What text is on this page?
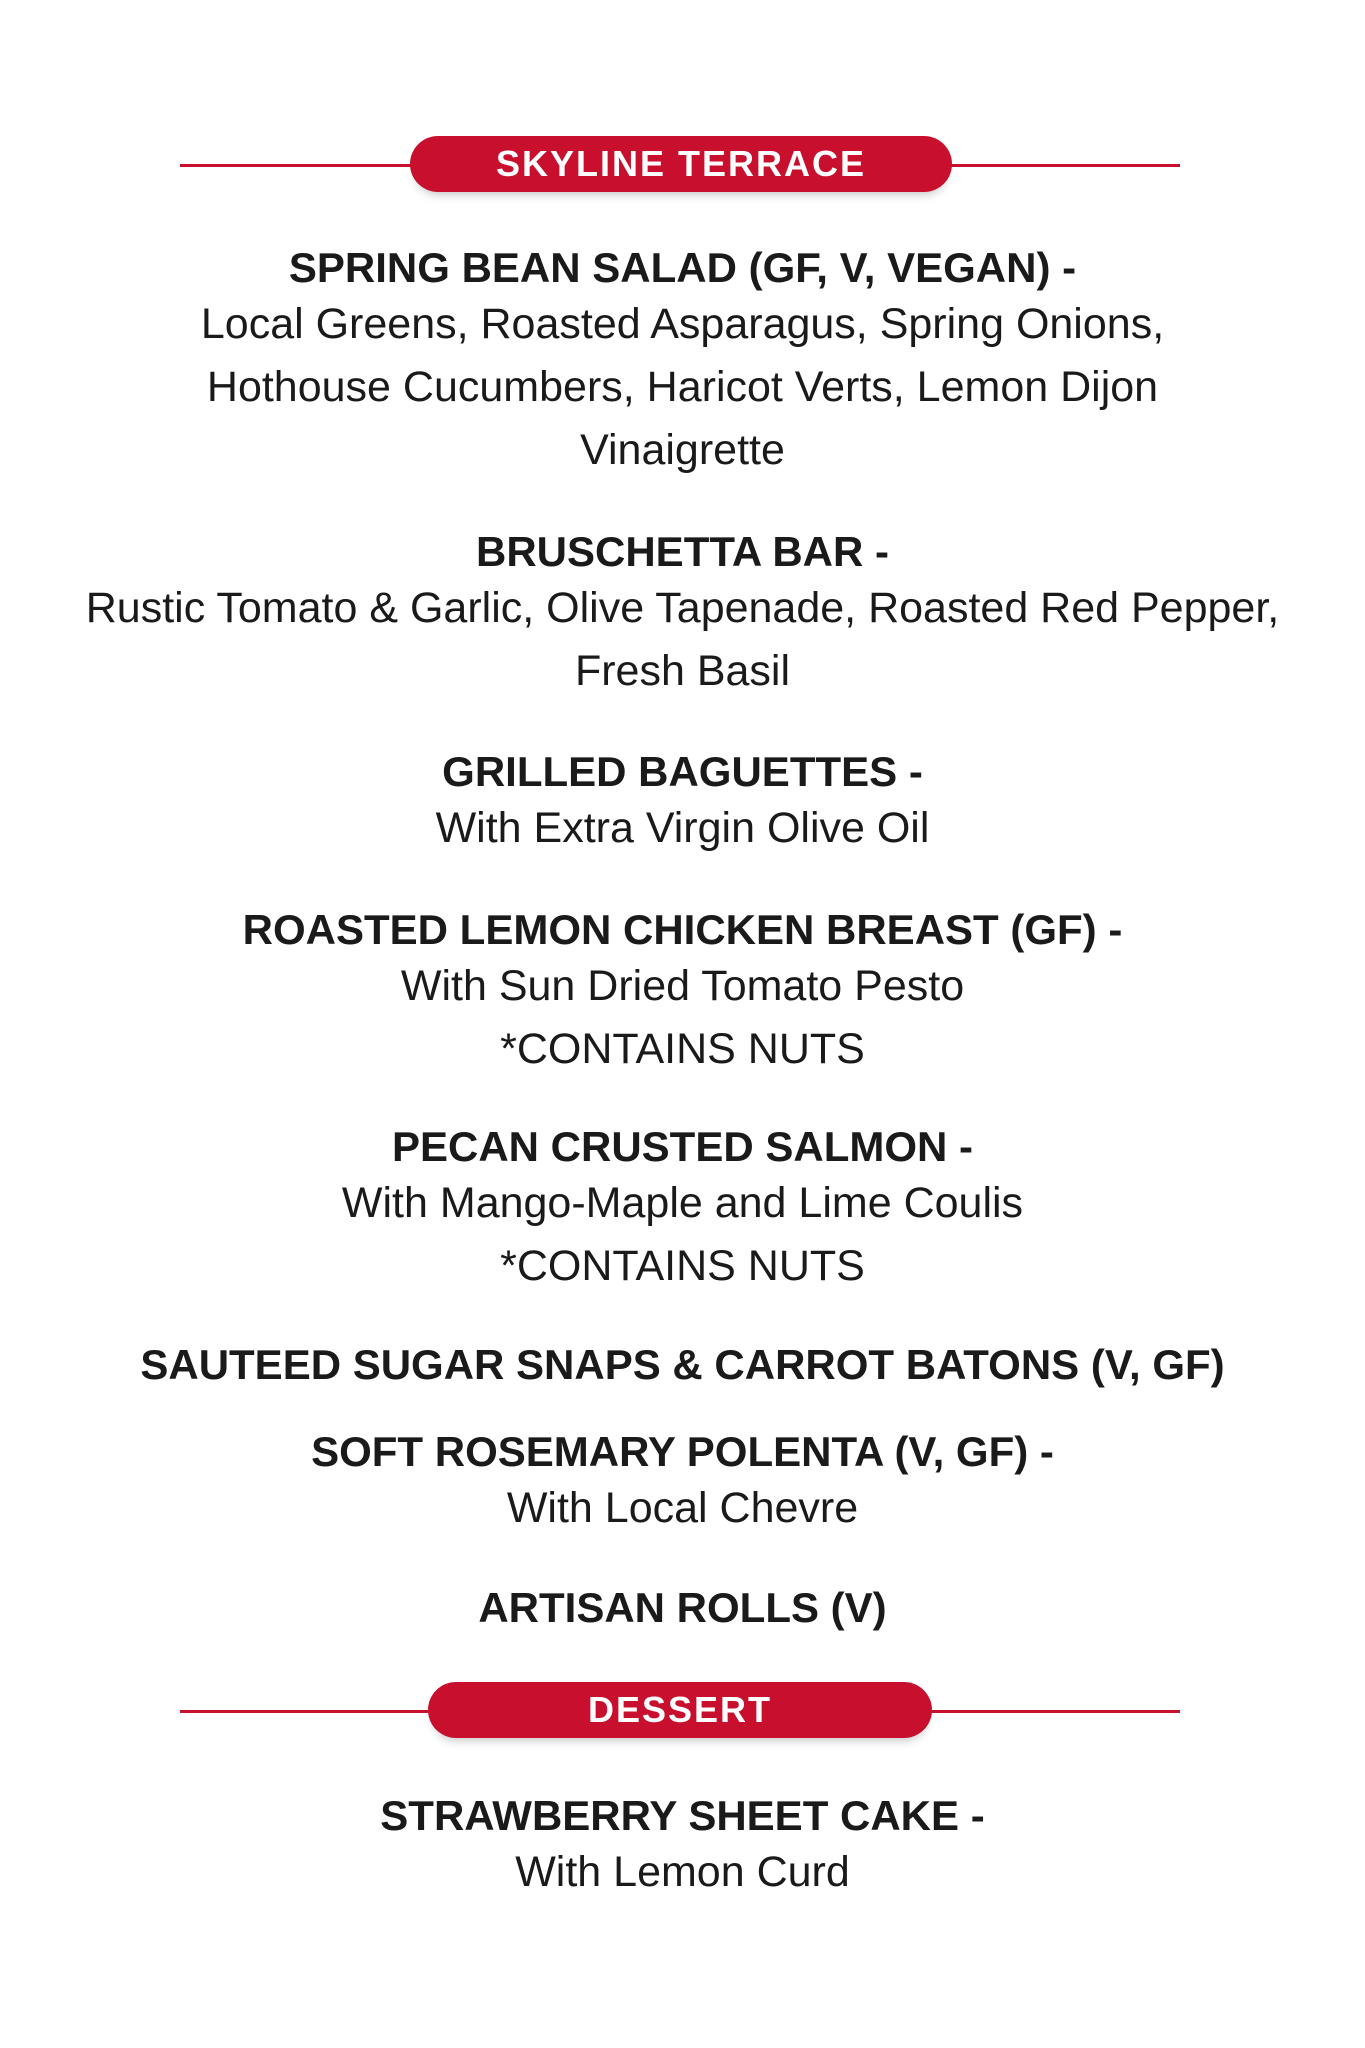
SKYLINE TERRACE
SPRING BEAN SALAD (GF, V, VEGAN) -
Local Greens, Roasted Asparagus, Spring Onions, Hothouse Cucumbers, Haricot Verts, Lemon Dijon Vinaigrette
BRUSCHETTA BAR -
Rustic Tomato & Garlic, Olive Tapenade, Roasted Red Pepper, Fresh Basil
GRILLED BAGUETTES -
With Extra Virgin Olive Oil
ROASTED LEMON CHICKEN BREAST (GF) -
With Sun Dried Tomato Pesto
*CONTAINS NUTS
PECAN CRUSTED SALMON -
With Mango-Maple and Lime Coulis
*CONTAINS NUTS
SAUTEED SUGAR SNAPS & CARROT BATONS (V, GF)
SOFT ROSEMARY POLENTA (V, GF) -
With Local Chevre
ARTISAN ROLLS (V)
DESSERT
STRAWBERRY SHEET CAKE -
With Lemon Curd
